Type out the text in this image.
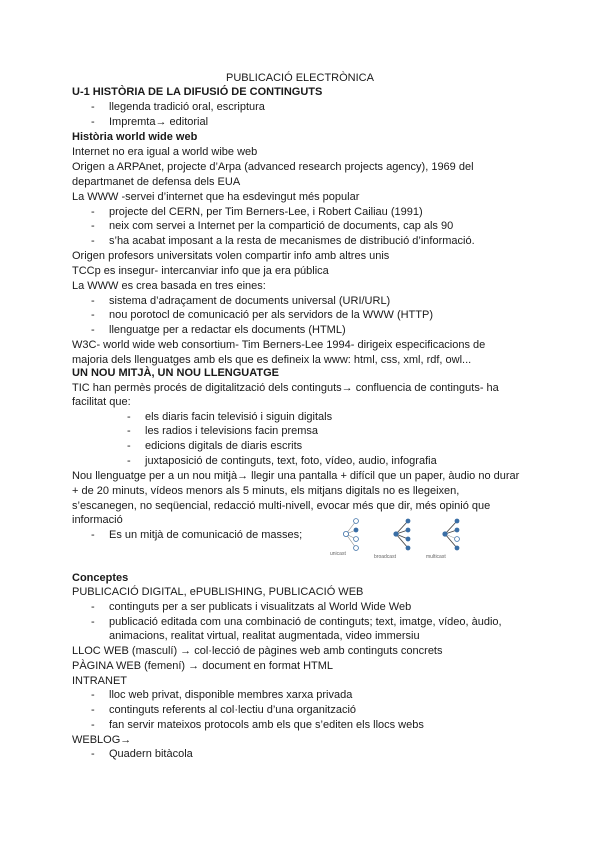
PUBLICACIÓ ELECTRÒNICA
U-1 HISTÒRIA DE LA DIFUSIÓ DE CONTINGUTS
- llegenda tradició oral, escriptura
- Impremta→ editorial
Història world wide web
Internet no era igual a world wibe web
Origen a ARPAnet, projecte d’Arpa (advanced research projects agency), 1969 del
departmanet de defensa dels EUA
La WWW -servei d’internet que ha esdevingut més popular
- projecte del CERN, per Tim Berners-Lee, i Robert Cailiau (1991)
- neix com servei a Internet per la compartició de documents, cap als 90
- s’ha acabat imposant a la resta de mecanismes de distribució d’informació.
Origen profesors universitats volen compartir info amb altres unis
TCCp es insegur- intercanviar info que ja era pública
La WWW es crea basada en tres eines:
- sistema d’adraçament de documents universal (URI/URL)
- nou porotocl de comunicació per als servidors de la WWW (HTTP)
- llenguatge per a redactar els documents (HTML)
W3C- world wide web consortium- Tim Berners-Lee 1994- dirigeix especificacions de
majoria dels llenguatges amb els que es defineix la www: html, css, xml, rdf, owl...
UN NOU MITJÀ, UN NOU LLENGUATGE
TIC han permès procés de digitalització dels continguts→ confluencia de continguts- ha
facilitat que:
- els diaris facin televisió i siguin digitals
- les radios i televisions facin premsa
- edicions digitals de diaris escrits
- juxtaposició de continguts, text, foto, vídeo, audio, infografia
Nou llenguatge per a un nou mitjà→ llegir una pantalla + difícil que un paper, àudio no durar
+ de 20 minuts, vídeos menors als 5 minuts, els mitjans digitals no es llegeixen,
s’escanegen, no seqüencial, redacció multi-nivell, evocar més que dir, més opinió que
informació
- Es un mitjà de comunicació de masses;
unicast	broadcast	multicast
Conceptes
PUBLICACIÓ DIGITAL, ePUBLISHING, PUBLICACIÓ WEB
- continguts per a ser publicats i visualitzats al World Wide Web
- publicació editada com una combinació de continguts; text, imatge, vídeo, àudio,
animacions, realitat virtual, realitat augmentada, video immersiu
LLOC WEB (masculí) → col·lecció de pàgines web amb continguts concrets
PÀGINA WEB (femení) → document en format HTML
INTRANET
- lloc web privat, disponible membres xarxa privada
- continguts referents al col·lectiu d’una organització
- fan servir mateixos protocols amb els que s’editen els llocs webs
WEBLOG→
- Quadern bitàcola
